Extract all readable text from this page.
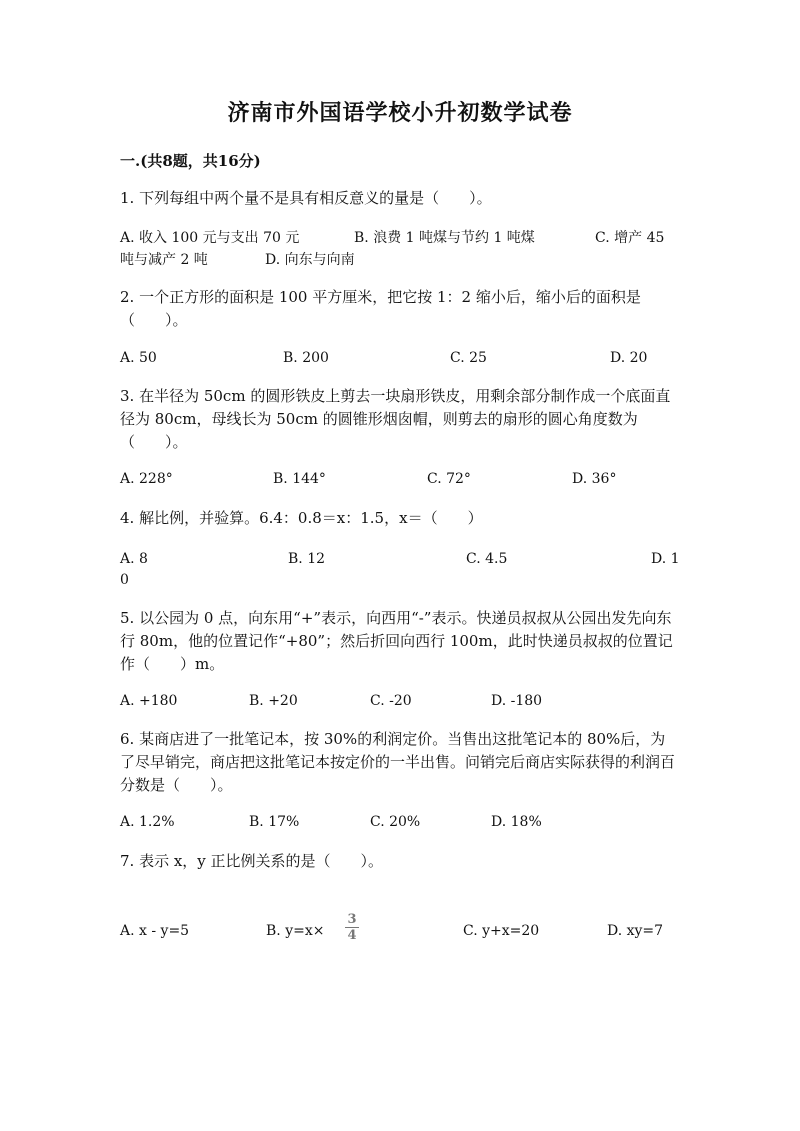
济南市外国语学校小升初数学试卷
一.(共8题，共16分)
1. 下列每组中两个量不是具有相反意义的量是（　　）。
A. 收入 100 元与支出 70 元	B. 浪费 1 吨煤与节约 1 吨煤	C. 增产 45
吨与减产 2 吨	D. 向东与向南
2. 一个正方形的面积是 100 平方厘米，把它按 1：2 缩小后，缩小后的面积是（　　）。
A. 50	B. 200	C. 25	D. 20
3. 在半径为 50cm 的圆形铁皮上剪去一块扇形铁皮，用剩余部分制作成一个底面直径为 80cm，母线长为 50cm 的圆锥形烟囱帽，则剪去的扇形的圆心角度数为（　　）。
A. 228°	B. 144°	C. 72°	D. 36°
4. 解比例，并验算。6.4：0.8＝x：1.5，x＝（　　）
A. 8	B. 12	C. 4.5	D. 1
0
5. 以公园为 0 点，向东用“+”表示，向西用“-”表示。快递员叔叔从公园出发先向东行 80m，他的位置记作“+80”；然后折回向西行 100m，此时快递员叔叔的位置记作（　　）m。
A. +180	B. +20	C. -20	D. -180
6. 某商店进了一批笔记本，按 30%的利润定价。当售出这批笔记本的 80%后，为了尽早销完，商店把这批笔记本按定价的一半出售。问销完后商店实际获得的利润百分数是（　　）。
A. 1.2%	B. 17%	C. 20%	D. 18%
7. 表示 x，y 正比例关系的是（　　）。
A. x - y=5	B. $y=x\times \frac{3}{4}$	C. y+x=20	D. xy=7
